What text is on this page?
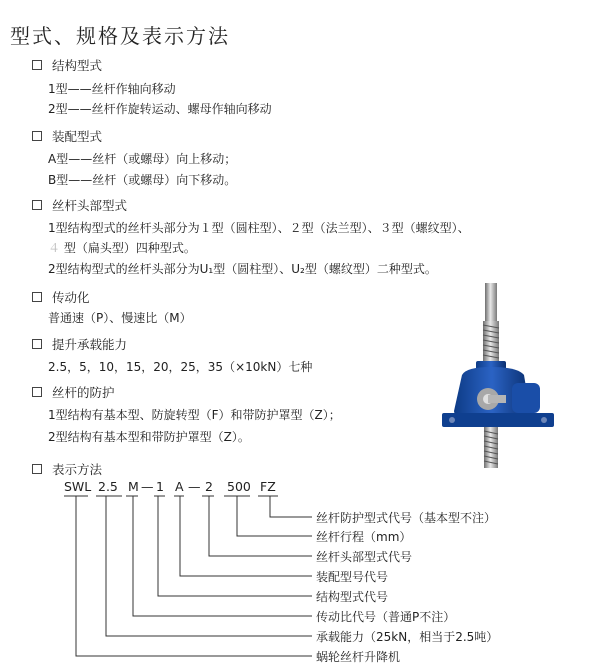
型式、规格及表示方法
结构型式
1型——丝杆作轴向移动
2型——丝杆作旋转运动、螺母作轴向移动
装配型式
A型——丝杆（或螺母）向上移动；
B型——丝杆（或螺母）向下移动。
丝杆头部型式
1型结构型式的丝杆头部分为１型（圆柱型）、２型（法兰型）、３型（螺纹型）、
４ 型（扁头型）四种型式。
2型结构型式的丝杆头部分为U₁型（圆柱型）、U₂型（螺纹型）二种型式。
传动化
普通速（P）、慢速比（M）
提升承载能力
2.5，5，10，15，20，25，35（×10kN）七种
丝杆的防护
1型结构有基本型、防旋转型（F）和带防护罩型（Z）；
2型结构有基本型和带防护罩型（Z）。
表示方法
SWL 2.5 M — 1 A — 2 500 FZ
丝杆防护型式代号（基本型不注）
丝杆行程（mm）
丝杆头部型式代号
装配型号代号
结构型式代号
传动比代号（普通P不注）
承载能力（25kN，相当于2.5吨）
蜗轮丝杆升降机
